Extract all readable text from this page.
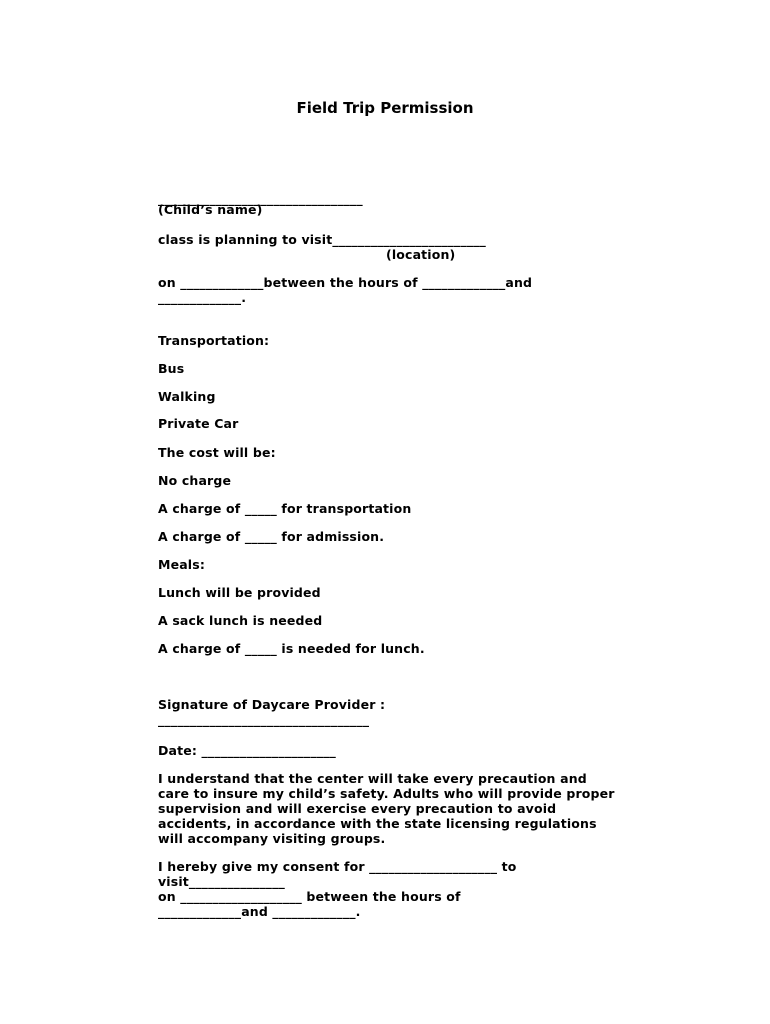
Field Trip Permission

________________________________

(Child’s name)

class is planning to visit________________________

(location)

on _____________between the hours of _____________and

_____________.

Transportation:

Bus

Walking

Private Car

The cost will be:

No charge

A charge of _____ for transportation

A charge of _____ for admission.

Meals:

Lunch will be provided

A sack lunch is needed

A charge of _____ is needed for lunch.

Signature of Daycare Provider :

_________________________________

Date: _____________________

I understand that the center will take every precaution and
care to insure my child’s safety. Adults who will provide proper
supervision and will exercise every precaution to avoid
accidents, in accordance with the state licensing regulations
will accompany visiting groups.

I hereby give my consent for ____________________ to

visit_______________

on ___________________ between the hours of

_____________and _____________.
